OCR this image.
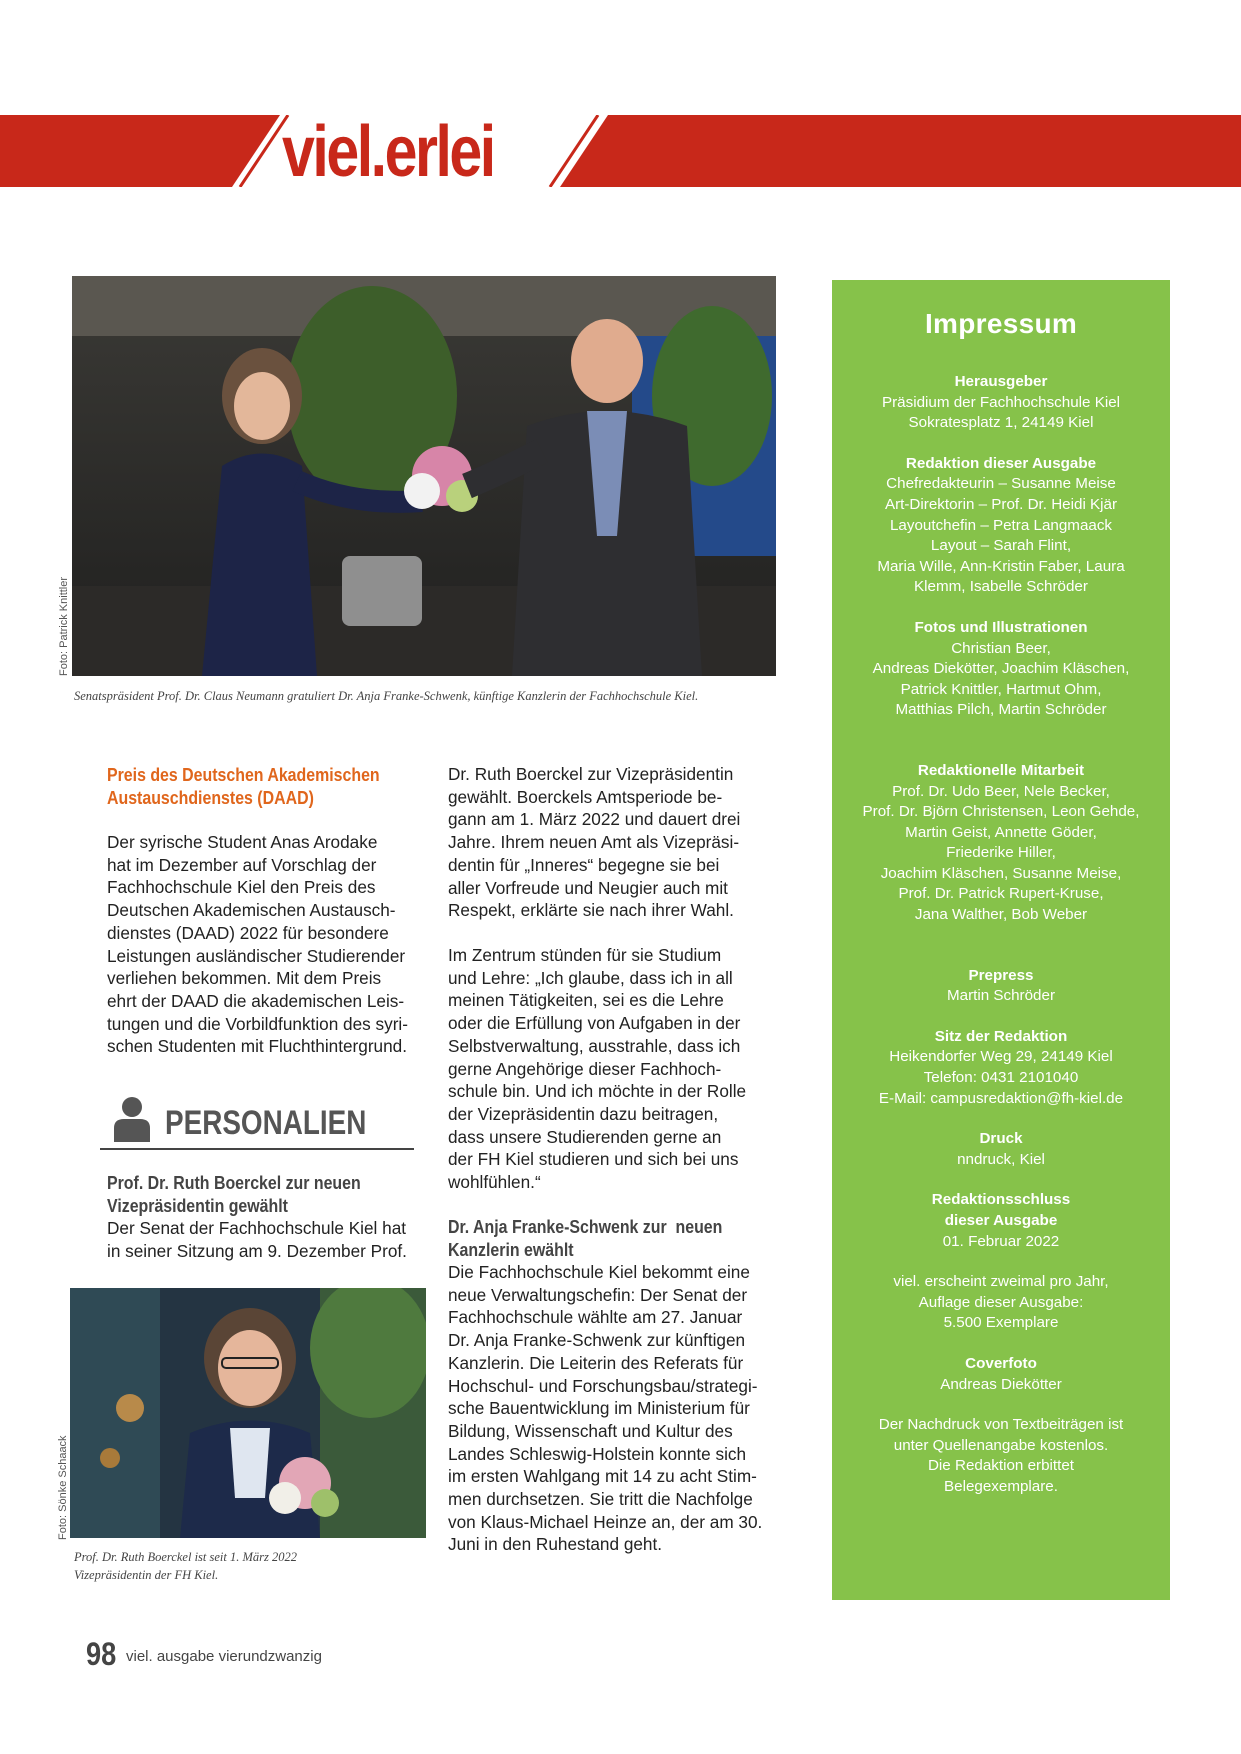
viel.erlei
Foto: Patrick Knittler
Senatspräsident Prof. Dr. Claus Neumann gratuliert Dr. Anja Franke-Schwenk, künftige Kanzlerin der Fachhochschule Kiel.
Preis des Deutschen Akademischen
Austauschdienstes (DAAD)
Der syrische Student Anas Arodake
hat im Dezember auf Vorschlag der
Fachhochschule Kiel den Preis des
Deutschen Akademischen Austausch-
dienstes (DAAD) 2022 für besondere
Leistungen ausländischer Studierender
verliehen bekommen. Mit dem Preis
ehrt der DAAD die akademischen Leis-
tungen und die Vorbildfunktion des syri-
schen Studenten mit Fluchthintergrund.
PERSONALIEN
Prof. Dr. Ruth Boerckel zur neuen
Vizepräsidentin gewählt
Der Senat der Fachhochschule Kiel hat
in seiner Sitzung am 9. Dezember Prof.
Foto: Sönke Schaack
Prof. Dr. Ruth Boerckel ist seit 1. März 2022
Vizepräsidentin der FH Kiel.
Dr. Ruth Boerckel zur Vizepräsidentin
gewählt. Boerckels Amtsperiode be-
gann am 1. März 2022 und dauert drei
Jahre. Ihrem neuen Amt als Vizepräsi-
dentin für „Inneres“ begegne sie bei
aller Vorfreude und Neugier auch mit
Respekt, erklärte sie nach ihrer Wahl.
Im Zentrum stünden für sie Studium
und Lehre: „Ich glaube, dass ich in all
meinen Tätigkeiten, sei es die Lehre
oder die Erfüllung von Aufgaben in der
Selbstverwaltung, ausstrahle, dass ich
gerne Angehörige dieser Fachhoch-
schule bin. Und ich möchte in der Rolle
der Vizepräsidentin dazu beitragen,
dass unsere Studierenden gerne an
der FH Kiel studieren und sich bei uns
wohlfühlen.“
Dr. Anja Franke-Schwenk zur  neuen
Kanzlerin ewählt
Die Fachhochschule Kiel bekommt eine
neue Verwaltungschefin: Der Senat der
Fachhochschule wählte am 27. Januar
Dr. Anja Franke-Schwenk zur künftigen
Kanzlerin. Die Leiterin des Referats für
Hochschul- und Forschungsbau/strategi-
sche Bauentwicklung im Ministerium für
Bildung, Wissenschaft und Kultur des
Landes Schleswig-Holstein konnte sich
im ersten Wahlgang mit 14 zu acht Stim-
men durchsetzen. Sie tritt die Nachfolge
von Klaus-Michael Heinze an, der am 30.
Juni in den Ruhestand geht.
Impressum
Herausgeber
Präsidium der Fachhochschule Kiel
Sokratesplatz 1, 24149 Kiel
Redaktion dieser Ausgabe
Chefredakteurin – Susanne Meise
Art-Direktorin – Prof. Dr. Heidi Kjär
Layoutchefin – Petra Langmaack
Layout – Sarah Flint,
Maria Wille, Ann-Kristin Faber, Laura
Klemm, Isabelle Schröder
Fotos und Illustrationen
Christian Beer,
Andreas Diekötter, Joachim Kläschen,
Patrick Knittler, Hartmut Ohm,
Matthias Pilch, Martin Schröder
Redaktionelle Mitarbeit
Prof. Dr. Udo Beer, Nele Becker,
Prof. Dr. Björn Christensen, Leon Gehde,
Martin Geist, Annette Göder,
Friederike Hiller,
Joachim Kläschen, Susanne Meise,
Prof. Dr. Patrick Rupert-Kruse,
Jana Walther, Bob Weber
Prepress
Martin Schröder
Sitz der Redaktion
Heikendorfer Weg 29, 24149 Kiel
Telefon: 0431 2101040
E-Mail: campusredaktion@fh-kiel.de
Druck
nndruck, Kiel
Redaktionsschluss dieser Ausgabe
01. Februar 2022
viel. erscheint zweimal pro Jahr,
Auflage dieser Ausgabe:
5.500 Exemplare
Coverfoto
Andreas Diekötter
Der Nachdruck von Textbeiträgen ist
unter Quellenangabe kostenlos.
Die Redaktion erbittet
Belegexemplare.
98 viel. ausgabe vierundzwanzig
